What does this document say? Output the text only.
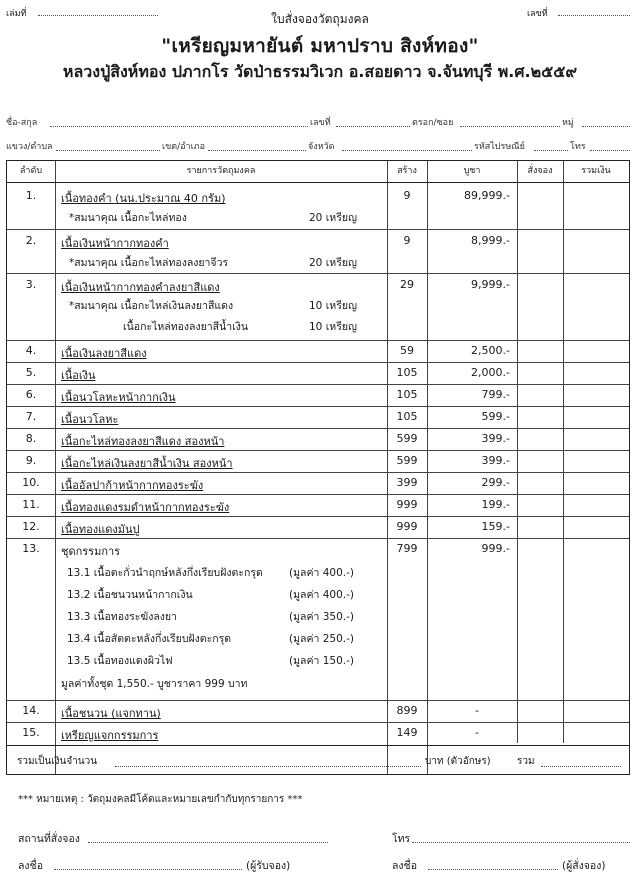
เล่มที่	เลขที่
ใบสั่งจองวัตถุมงคล
"เหรียญมหายันต์ มหาปราบ สิงห์ทอง"
หลวงปู่สิงห์ทอง ปภากโร วัดป่าธรรมวิเวก อ.สอยดาว จ.จันทบุรี พ.ศ.๒๕๕๙
ชื่อ-สกุล	เลขที่	ตรอก/ซอย	หมู่
แขวง/ตำบล	เขต/อำเภอ	จังหวัด	รหัสไปรษณีย์	โทร
ลำดับ	รายการวัตถุมงคล	สร้าง	บูชา	สั่งจอง	รวมเงิน
1.	เนื้อทองคำ (นน.ประมาณ 40 กรัม)	9	89,999.-
*สมนาคุณ เนื้อกะไหล่ทอง	20 เหรียญ
2.	เนื้อเงินหน้ากากทองคำ	9	8,999.-
*สมนาคุณ เนื้อกะไหล่ทองลงยาจีวร	20 เหรียญ
3.	เนื้อเงินหน้ากากทองคำลงยาสีแดง	29	9,999.-
*สมนาคุณ เนื้อกะไหล่เงินลงยาสีแดง	10 เหรียญ
เนื้อกะไหล่ทองลงยาสีน้ำเงิน	10 เหรียญ
4.	เนื้อเงินลงยาสีแดง	59	2,500.-
5.	เนื้อเงิน	105	2,000.-
6.	เนื้อนวโลหะหน้ากากเงิน	105	799.-
7.	เนื้อนวโลหะ	105	599.-
8.	เนื้อกะไหล่ทองลงยาสีแดง สองหน้า	599	399.-
9.	เนื้อกะไหล่เงินลงยาสีน้ำเงิน สองหน้า	599	399.-
10.	เนื้ออัลปาก้าหน้ากากทองระฆัง	399	299.-
11.	เนื้อทองแดงรมดำหน้ากากทองระฆัง	999	199.-
12.	เนื้อทองแดงมันปู	999	159.-
13.	ชุดกรรมการ	799	999.-
13.1 เนื้อตะกั่วนำฤกษ์หลังกึ่งเรียบฝังตะกรุด (มูลค่า 400.-)
13.2 เนื้อชนวนหน้ากากเงิน	(มูลค่า 400.-)
13.3 เนื้อทองระฆังลงยา	(มูลค่า 350.-)
13.4 เนื้อสัตตะหลังกึ่งเรียบฝังตะกรุด	(มูลค่า 250.-)
13.5 เนื้อทองแดงผิวไฟ	(มูลค่า 150.-)
มูลค่าทั้งชุด 1,550.- บูชาราคา 999 บาท
14.	เนื้อชนวน (แจกทาน)	899	-
15.	เหรียญแจกกรรมการ	149	-
รวมเป็นเงินจำนวน	บาท (ตัวอักษร)	รวม
*** หมายเหตุ : วัตถุมงคลมีโค้ดและหมายเลขกำกับทุกรายการ ***
สถานที่สั่งจอง	โทร
ลงชื่อ	(ผู้รับจอง)	ลงชื่อ	(ผู้สั่งจอง)
